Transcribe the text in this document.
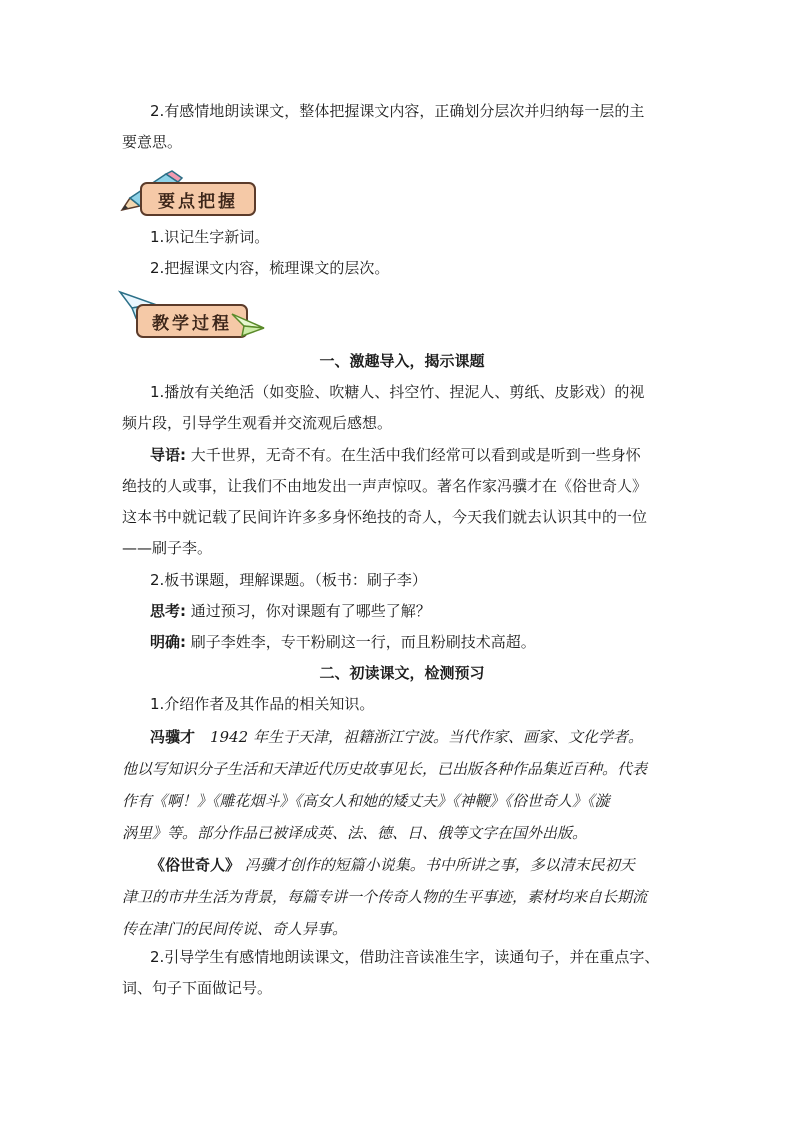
2.有感情地朗读课文，整体把握课文内容，正确划分层次并归纳每一层的主

要意思。

要点把握

1.识记生字新词。

2.把握课文内容，梳理课文的层次。

教学过程

一、激趣导入，揭示课题

1.播放有关绝活（如变脸、吹糖人、抖空竹、捏泥人、剪纸、皮影戏）的视

频片段，引导学生观看并交流观后感想。

导语: 大千世界，无奇不有。在生活中我们经常可以看到或是听到一些身怀

绝技的人或事，让我们不由地发出一声声惊叹。著名作家冯骥才在《俗世奇人》

这本书中就记载了民间许许多多身怀绝技的奇人，今天我们就去认识其中的一位

——刷子李。

2.板书课题，理解课题。（板书：刷子李）

思考: 通过预习，你对课题有了哪些了解？

明确: 刷子李姓李，专干粉刷这一行，而且粉刷技术高超。

二、初读课文，检测预习

1.介绍作者及其作品的相关知识。

冯骥才　1942 年生于天津，祖籍浙江宁波。当代作家、画家、文化学者。

他以写知识分子生活和天津近代历史故事见长，已出版各种作品集近百种。代表

作有《啊！》《雕花烟斗》《高女人和她的矮丈夫》《神鞭》《俗世奇人》《漩

涡里》等。部分作品已被译成英、法、德、日、俄等文字在国外出版。

《俗世奇人》 冯骥才创作的短篇小说集。书中所讲之事，多以清末民初天

津卫的市井生活为背景，每篇专讲一个传奇人物的生平事迹，素材均来自长期流

传在津门的民间传说、奇人异事。

2.引导学生有感情地朗读课文，借助注音读准生字，读通句子，并在重点字、

词、句子下面做记号。
